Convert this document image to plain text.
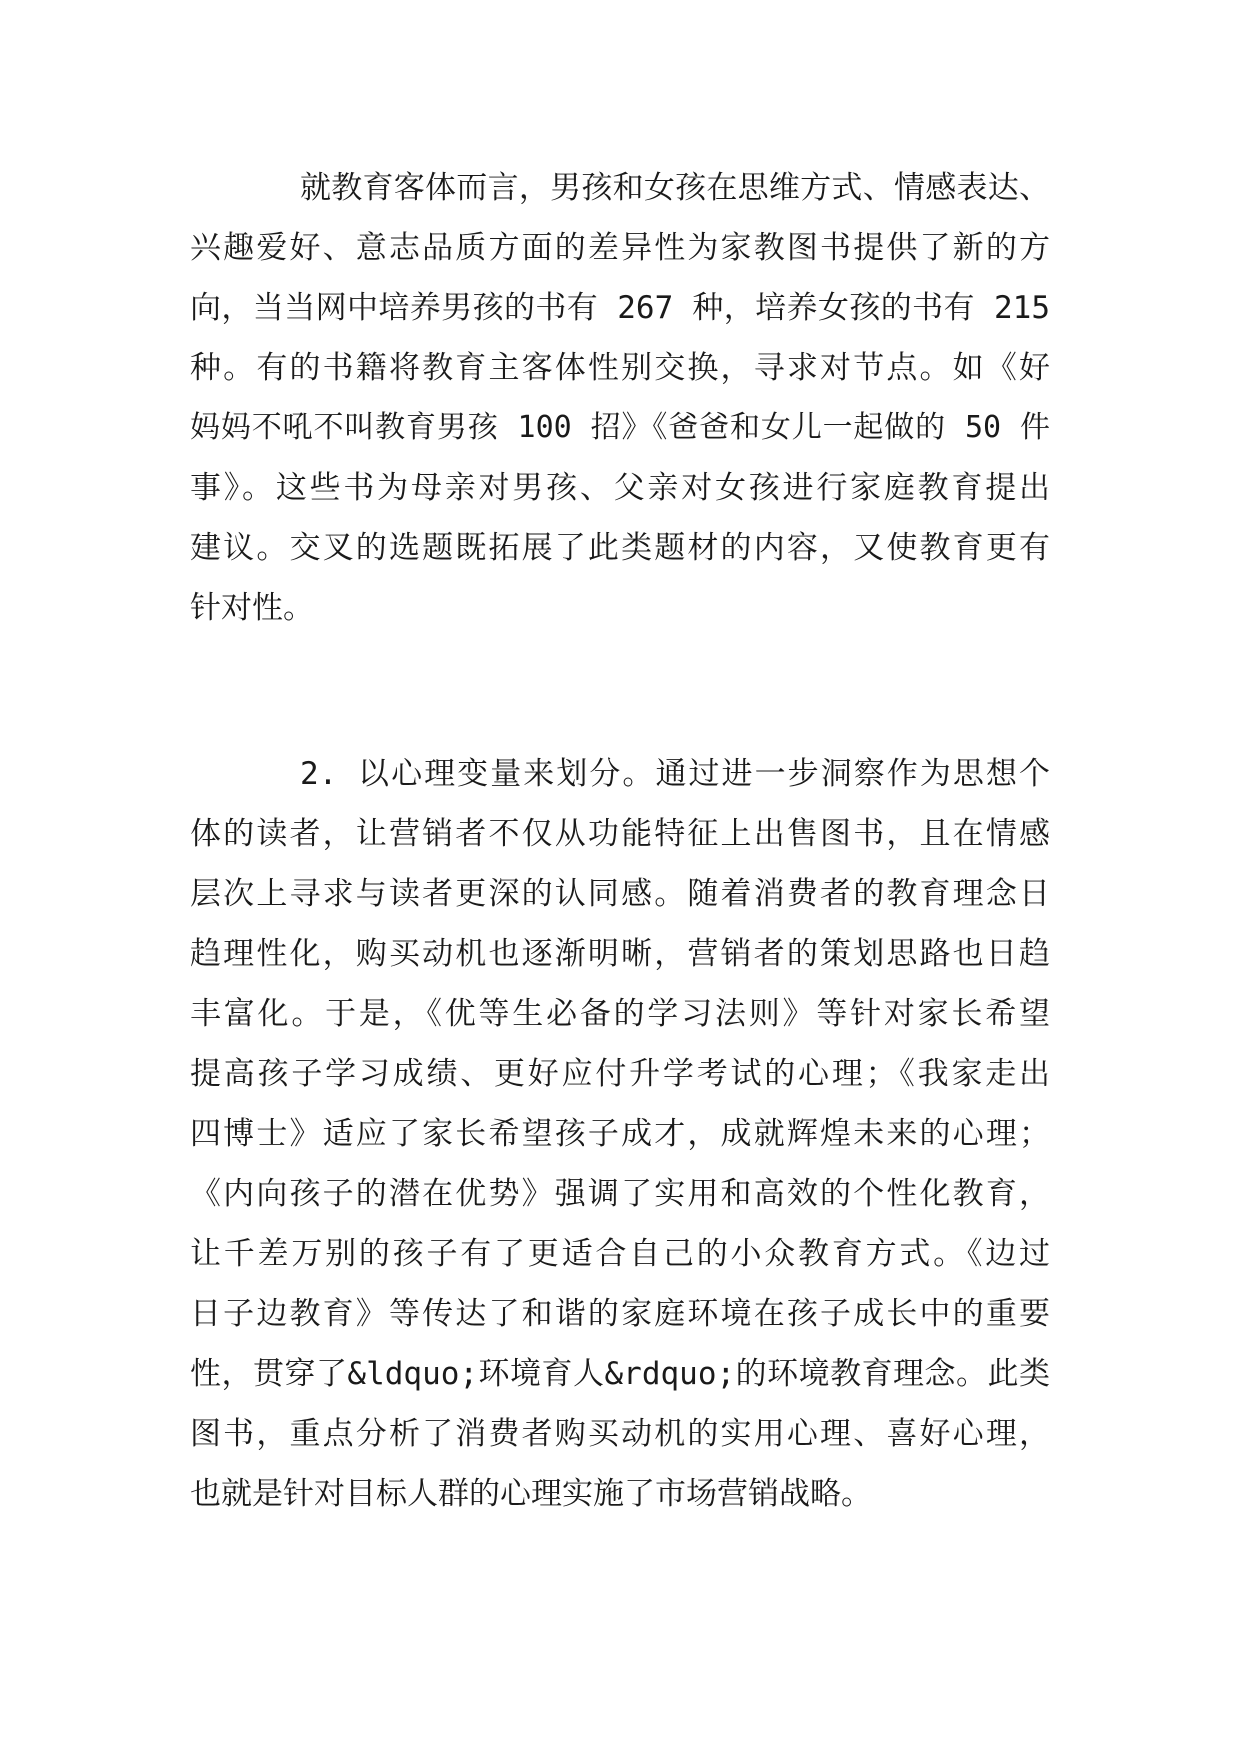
就教育客体而言，男孩和女孩在思维方式、情感表达、
兴趣爱好、意志品质方面的差异性为家教图书提供了新的方
向，当当网中培养男孩的书有 267 种，培养女孩的书有 215
种。有的书籍将教育主客体性别交换，寻求对节点。如《好
妈妈不吼不叫教育男孩 100 招》《爸爸和女儿一起做的 50 件
事》。这些书为母亲对男孩、父亲对女孩进行家庭教育提出
建议。交叉的选题既拓展了此类题材的内容，又使教育更有
针对性。
2. 以心理变量来划分。通过进一步洞察作为思想个
体的读者，让营销者不仅从功能特征上出售图书，且在情感
层次上寻求与读者更深的认同感。随着消费者的教育理念日
趋理性化，购买动机也逐渐明晰，营销者的策划思路也日趋
丰富化。于是，《优等生必备的学习法则》等针对家长希望
提高孩子学习成绩、更好应付升学考试的心理；《我家走出
四博士》适应了家长希望孩子成才，成就辉煌未来的心理；
《内向孩子的潜在优势》强调了实用和高效的个性化教育，
让千差万别的孩子有了更适合自己的小众教育方式。《边过
日子边教育》等传达了和谐的家庭环境在孩子成长中的重要
性，贯穿了&ldquo;环境育人&rdquo;的环境教育理念。此类
图书，重点分析了消费者购买动机的实用心理、喜好心理，
也就是针对目标人群的心理实施了市场营销战略。
